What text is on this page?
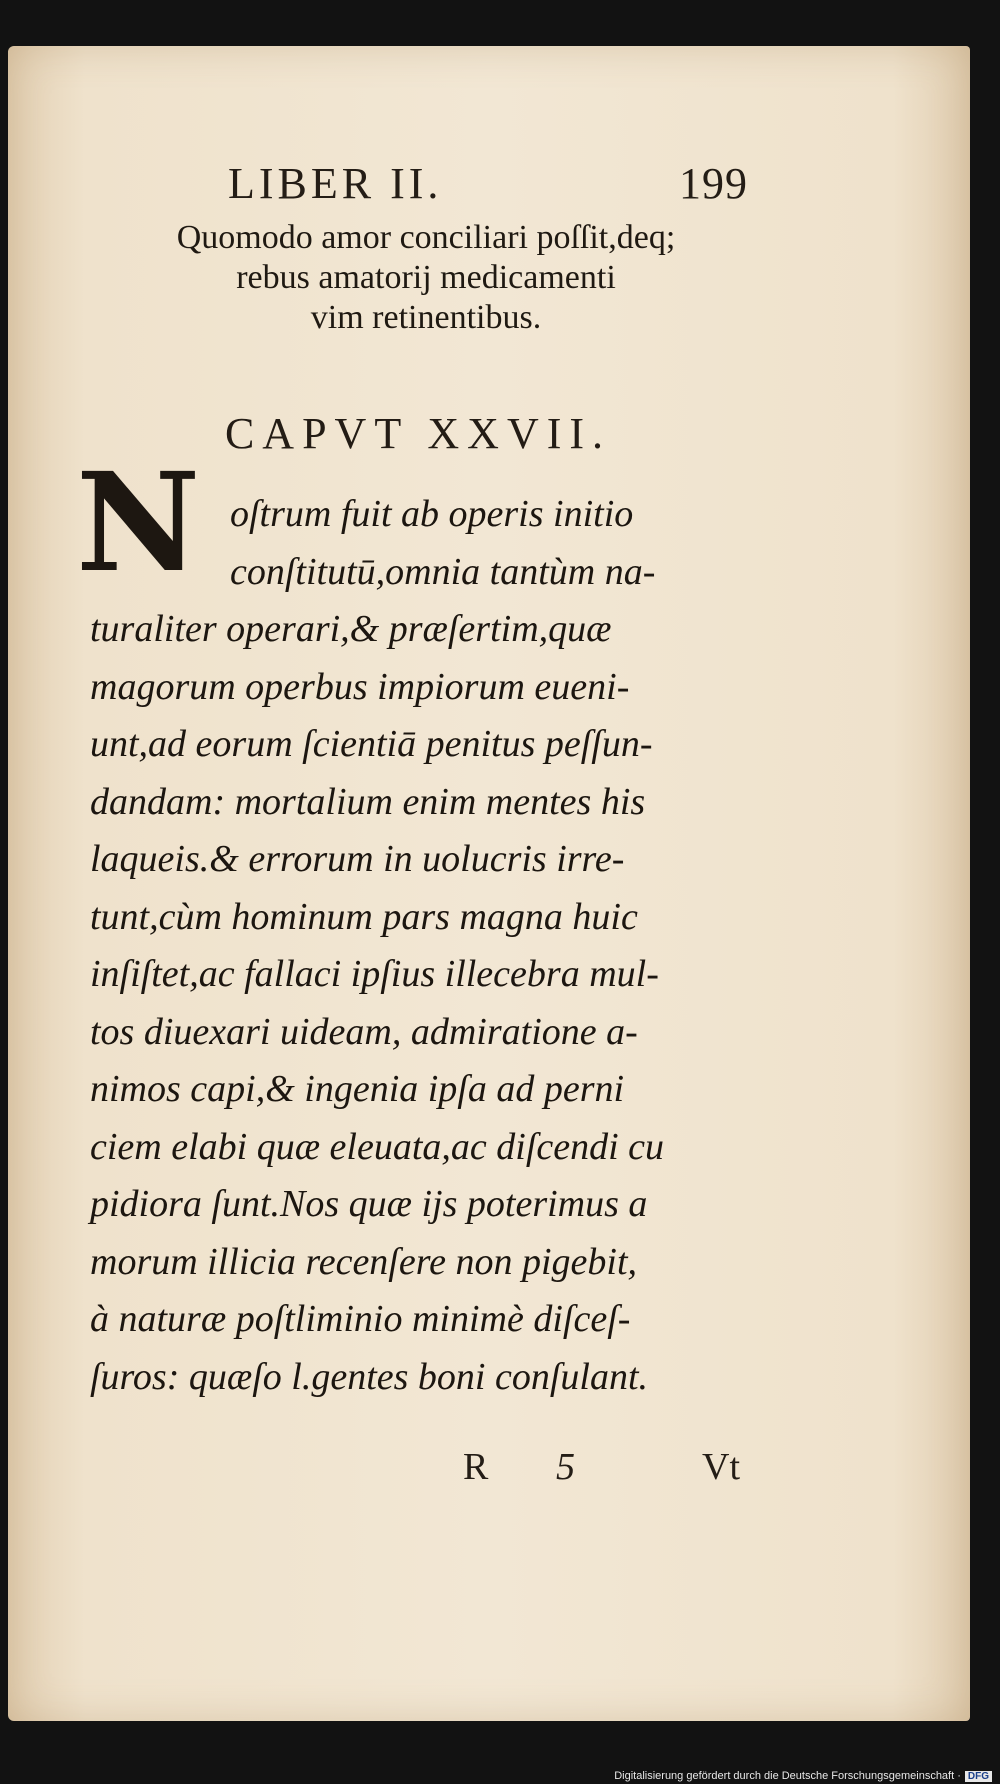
LIBER II.	199
Quomodo amor conciliari poſſit,deq;
rebus amatorij medicamenti
vim retinentibus.
CAPVT XXVII.
N oſtrum fuit ab operis initio
conſtitutū,omnia tantùm na-
turaliter operari,& præſertim,quæ
magorum operbus impiorum eueni-
unt,ad eorum ſcientiā penitus peſſun-
dandam: mortalium enim mentes his
laqueis.& errorum in uolucris irre-
tunt,cùm hominum pars magna huic
inſiſtet,ac fallaci ipſius illecebra mul-
tos diuexari uideam, admiratione a-
nimos capi,& ingenia ipſa ad perni
ciem elabi quæ eleuata,ac diſcendi cu
pidiora ſunt.Nos quæ ijs poterimus a
morum illicia recenſere non pigebit,
à naturæ poſtliminio minimè diſceſ-
ſuros: quæſo l.gentes boni conſulant.
R 5	Vt
Digitalisierung gefördert durch die Deutsche Forschungsgemeinschaft · DFG
